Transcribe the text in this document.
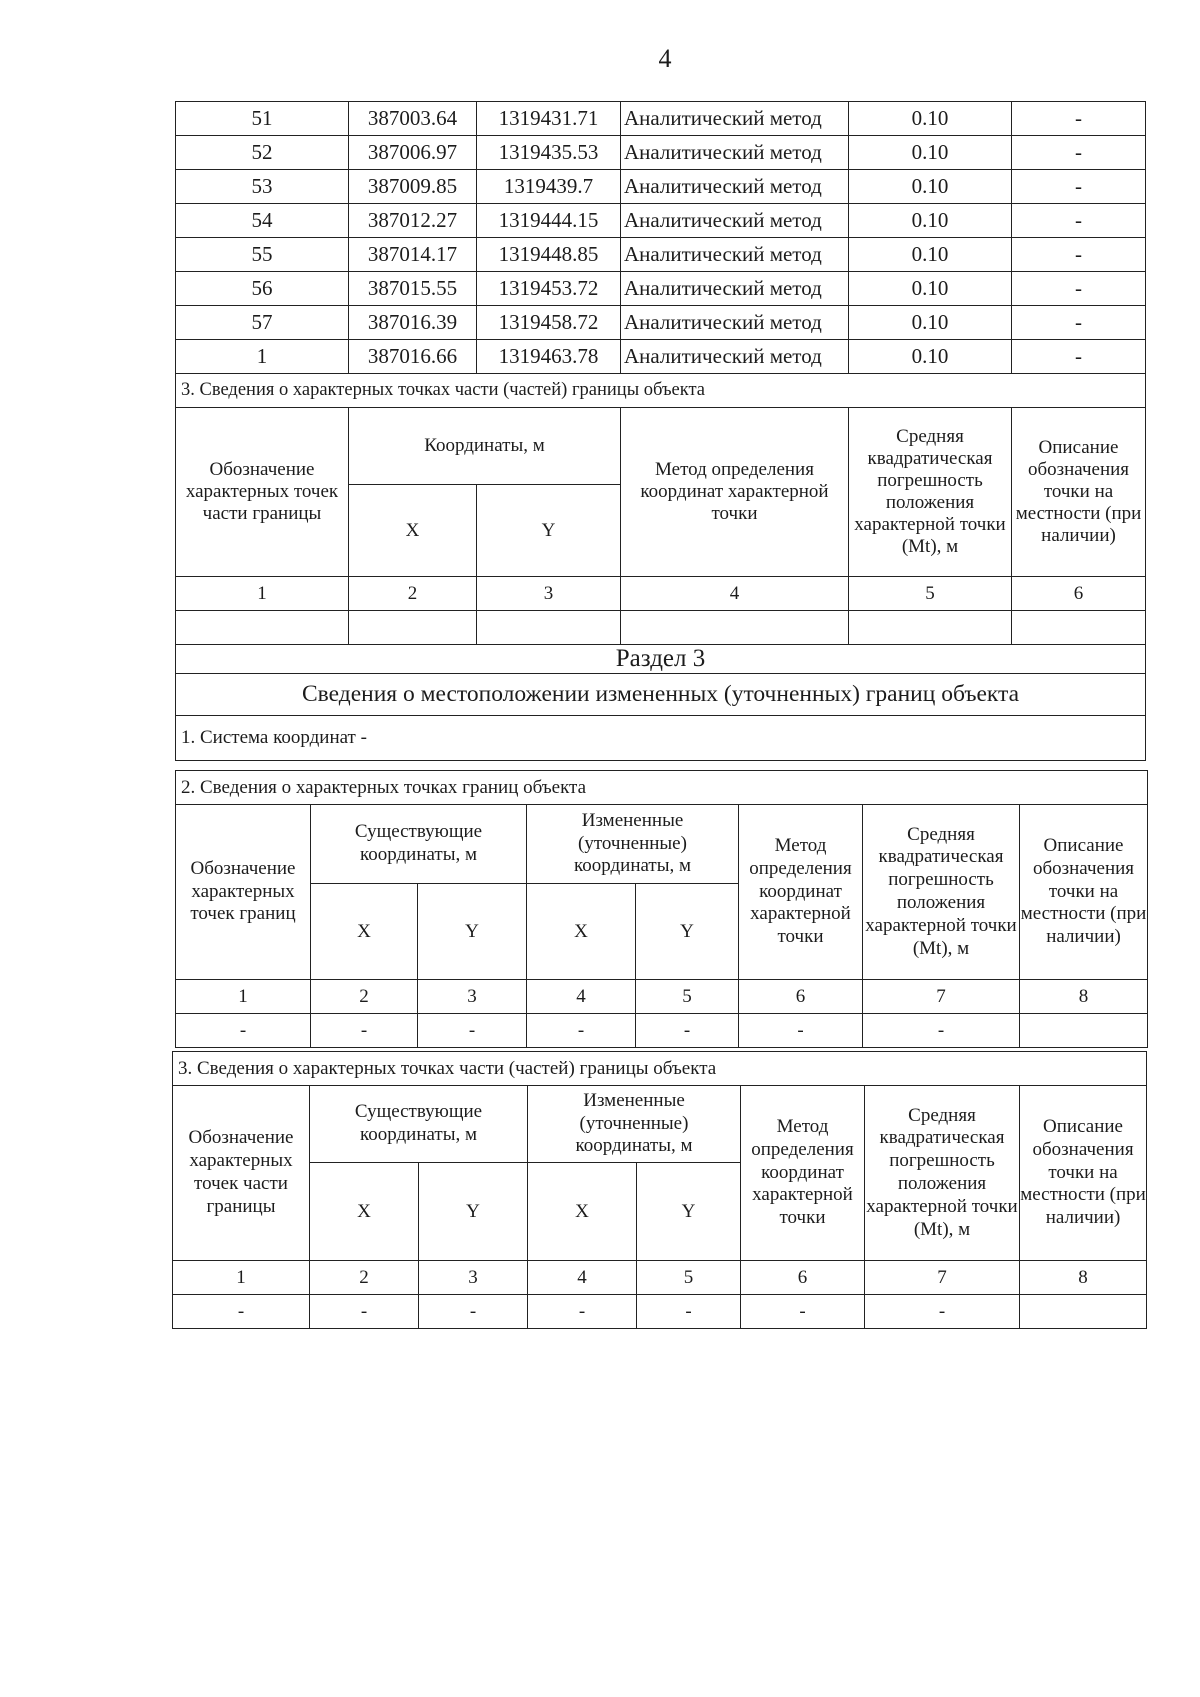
4
51	387003.64	1319431.71	Аналитический метод	0.10	-
52	387006.97	1319435.53	Аналитический метод	0.10	-
53	387009.85	1319439.7	Аналитический метод	0.10	-
54	387012.27	1319444.15	Аналитический метод	0.10	-
55	387014.17	1319448.85	Аналитический метод	0.10	-
56	387015.55	1319453.72	Аналитический метод	0.10	-
57	387016.39	1319458.72	Аналитический метод	0.10	-
1	387016.66	1319463.78	Аналитический метод	0.10	-
3. Сведения о характерных точках части (частей) границы объекта					
Обозначение характерных точек части границы	Координаты, м		Метод определения координат характерной точки	Средняя квадратическая погрешность положения характерной точки (Mt), м	Описание обозначения точки на местности (при наличии)
	X	Y			
1	2	3	4	5	6

Раздел 3					
Сведения о местоположении измененных (уточненных) границ объекта					
1. Система координат -					
2. Сведения о характерных точках границ объекта							
Обозначение характерных точек границ	Существующие координаты, м		Измененные (уточненные) координаты, м		Метод определения координат характерной точки	Средняя квадратическая погрешность положения характерной точки (Mt), м	Описание обозначения точки на местности (при наличии)
	X	Y	X	Y			
1	2	3	4	5	6	7	8
-	-	-	-	-	-	-	
3. Сведения о характерных точках части (частей) границы объекта							
Обозначение характерных точек части границы	Существующие координаты, м		Измененные (уточненные) координаты, м		Метод определения координат характерной точки	Средняя квадратическая погрешность положения характерной точки (Mt), м	Описание обозначения точки на местности (при наличии)
	X	Y	X	Y			
1	2	3	4	5	6	7	8
-	-	-	-	-	-	-	
